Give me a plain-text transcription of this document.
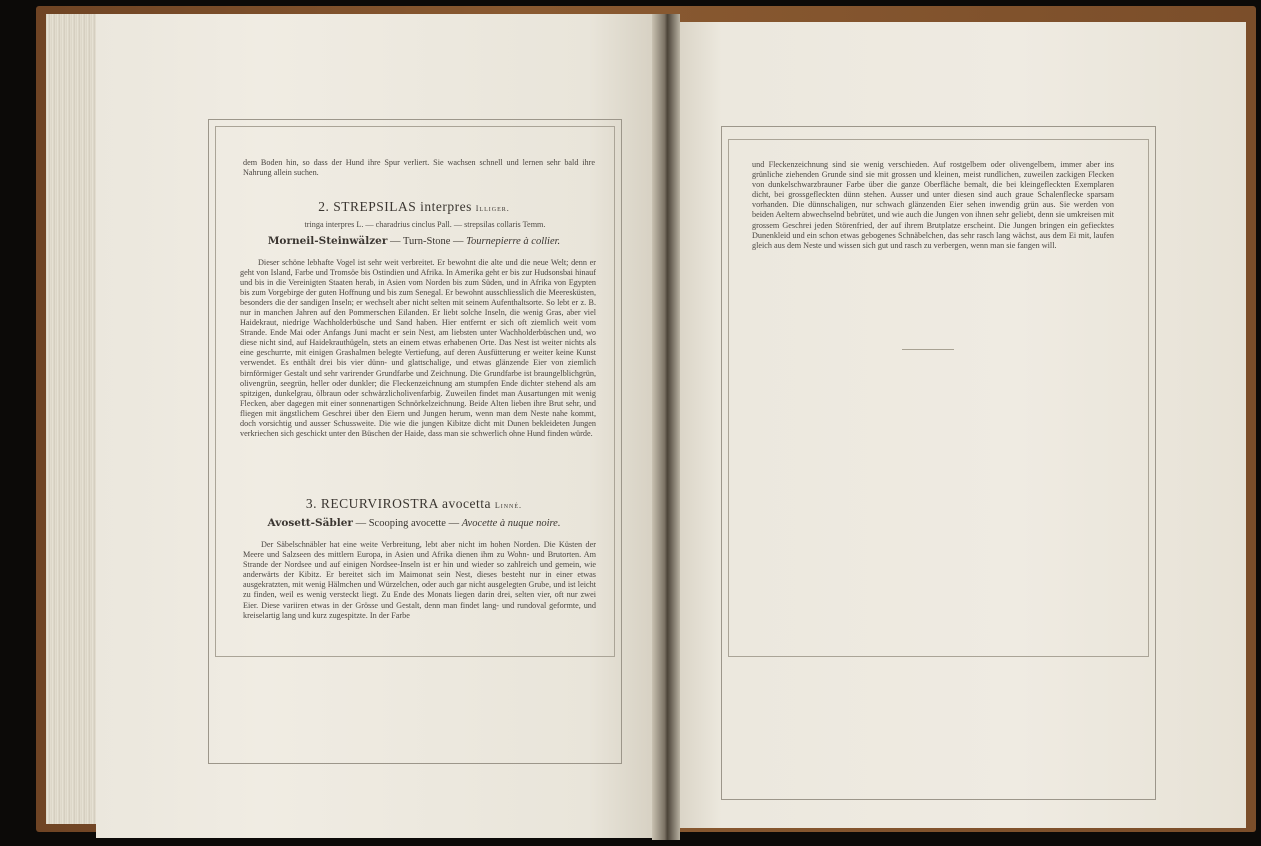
dem Boden hin, so dass der Hund ihre Spur verliert. Sie wachsen schnell und lernen sehr bald ihre Nahrung allein suchen.

2. STREPSILAS interpres Illiger.
tringa interpres L. — charadrius cinclus Pall. — strepsilas collaris Temm.
Morneil-Steinwälzer — Turn-Stone — Tournepierre à collier.

Dieser schöne lebhafte Vogel ist sehr weit verbreitet. Er bewohnt die alte und die neue Welt; denn er geht von Island, Farbe und Tromsöe bis Ostindien und Afrika. In Amerika geht er bis zur Hudsonsbai hinauf und bis in die Vereinigten Staaten herab, in Asien vom Norden bis zum Süden, und in Afrika von Egypten bis zum Vorgebirge der guten Hoffnung und bis zum Senegal. Er bewohnt ausschliesslich die Meeresküsten, besonders die der sandigen Inseln; er wechselt aber nicht selten mit seinem Aufenthaltsorte. So lebt er z. B. nur in manchen Jahren auf den Pommerschen Eilanden. Er liebt solche Inseln, die wenig Gras, aber viel Haidekraut, niedrige Wachholderbüsche und Sand haben. Hier entfernt er sich oft ziemlich weit vom Strande. Ende Mai oder Anfangs Juni macht er sein Nest, am liebsten unter Wachholderbüschen und, wo diese nicht sind, auf Haidekrauthügeln, stets an einem etwas erhabenen Orte. Das Nest ist weiter nichts als eine geschurrte, mit einigen Grashalmen belegte Vertiefung, auf deren Ausfütterung er weiter keine Kunst verwendet. Es enthält drei bis vier dünn- und glattschalige, und etwas glänzende Eier von ziemlich birnförmiger Gestalt und sehr varirender Grundfarbe und Zeichnung. Die Grundfarbe ist braungelblichgrün, olivengrün, seegrün, heller oder dunkler; die Fleckenzeichnung am stumpfen Ende dichter stehend als am spitzigen, dunkelgrau, ölbraun oder schwärzlicholivenfarbig. Zuweilen findet man Ausartungen mit wenig Flecken, aber dagegen mit einer sonnenartigen Schnörkelzeichnung. Beide Alten lieben ihre Brut sehr, und fliegen mit ängstlichem Geschrei über den Eiern und Jungen herum, wenn man dem Neste nahe kommt, doch vorsichtig und ausser Schussweite. Die wie die jungen Kibitze dicht mit Dunen bekleideten Jungen verkriechen sich geschickt unter den Büschen der Haide, dass man sie schwerlich ohne Hund finden würde.

3. RECURVIROSTRA avocetta Linné.
Avosett-Säbler — Scooping avocette — Avocette à nuque noire.

Der Säbelschnäbler hat eine weite Verbreitung, lebt aber nicht im hohen Norden. Die Küsten der Meere und Salzseen des mittlern Europa, in Asien und Afrika dienen ihm zu Wohn- und Brutorten. Am Strande der Nordsee und auf einigen Nordsee-Inseln ist er hin und wieder so zahlreich und gemein, wie anderwärts der Kibitz. Er bereitet sich im Maimonat sein Nest, dieses besteht nur in einer etwas ausgekratzten, mit wenig Hälmchen und Würzelchen, oder auch gar nicht ausgelegten Grube, und ist leicht zu finden, weil es wenig versteckt liegt. Zu Ende des Monats liegen darin drei, selten vier, oft nur zwei Eier. Diese variiren etwas in der Grösse und Gestalt, denn man findet lang- und rundoval geformte, und kreiselartig lang und kurz zugespitzte. In der Farbe

und Fleckenzeichnung sind sie wenig verschieden. Auf rostgelbem oder olivengelbem, immer aber ins grünliche ziehenden Grunde sind sie mit grossen und kleinen, meist rundlichen, zuweilen zackigen Flecken von dunkelschwarzbrauner Farbe über die ganze Oberfläche bemalt, die bei kleingefleckten Exemplaren dicht, bei grossgefleckten dünn stehen. Ausser und unter diesen sind auch graue Schalenflecke sparsam vorhanden. Die dünnschaligen, nur schwach glänzenden Eier sehen inwendig grün aus. Sie werden von beiden Aeltern abwechselnd bebrütet, und wie auch die Jungen von ihnen sehr geliebt, denn sie umkreisen mit grossem Geschrei jeden Störenfried, der auf ihrem Brutplatze erscheint. Die Jungen bringen ein gefiecktes Dunenkleid und ein schon etwas gebogenes Schnäbelchen, das sehr rasch lang wächst, aus dem Ei mit, laufen gleich aus dem Neste und wissen sich gut und rasch zu verbergen, wenn man sie fangen will.
